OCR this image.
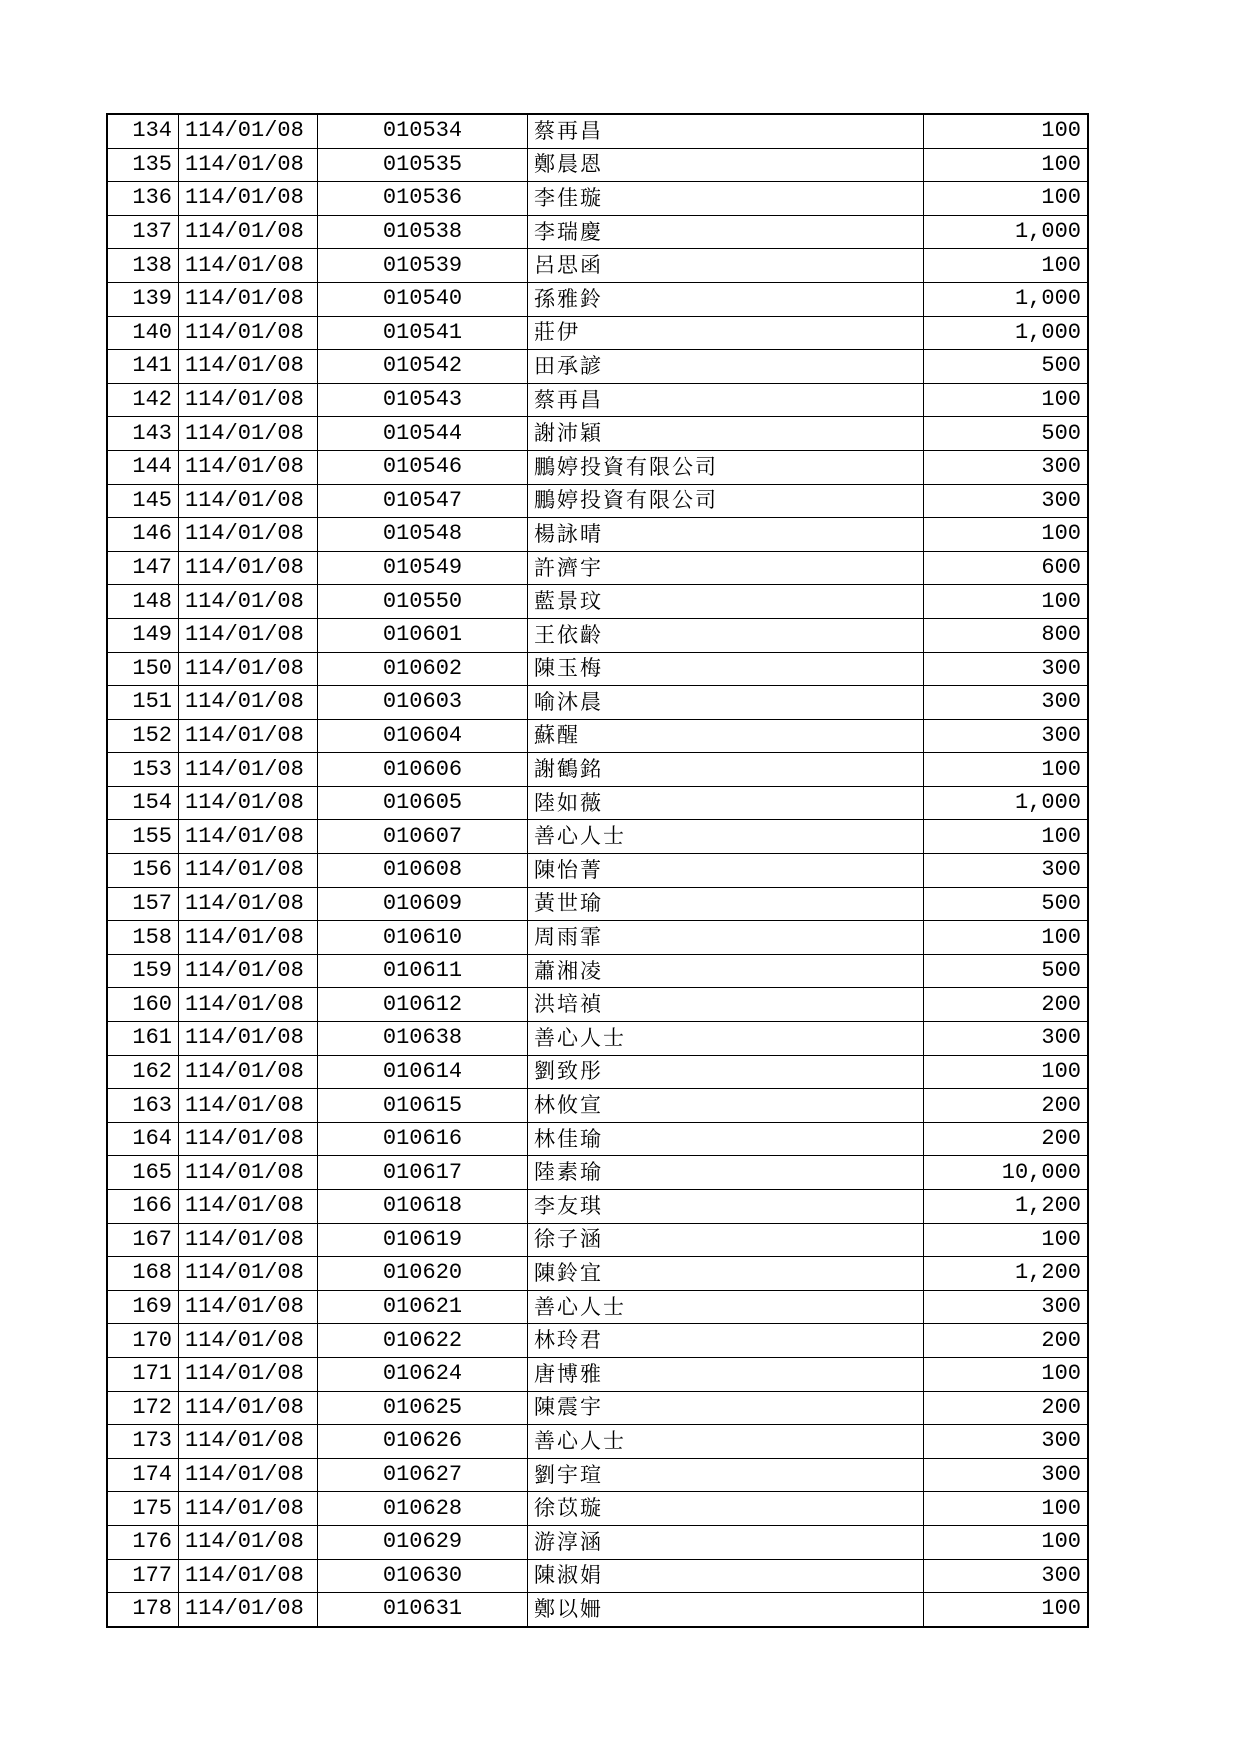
134	114/01/08	010534	蔡再昌	100
135	114/01/08	010535	鄭晨恩	100
136	114/01/08	010536	李佳璇	100
137	114/01/08	010538	李瑞慶	1,000
138	114/01/08	010539	呂思函	100
139	114/01/08	010540	孫雅鈴	1,000
140	114/01/08	010541	莊伊	1,000
141	114/01/08	010542	田承諺	500
142	114/01/08	010543	蔡再昌	100
143	114/01/08	010544	謝沛穎	500
144	114/01/08	010546	鵬婷投資有限公司	300
145	114/01/08	010547	鵬婷投資有限公司	300
146	114/01/08	010548	楊詠晴	100
147	114/01/08	010549	許濟宇	600
148	114/01/08	010550	藍景玟	100
149	114/01/08	010601	王依齡	800
150	114/01/08	010602	陳玉梅	300
151	114/01/08	010603	喻沐晨	300
152	114/01/08	010604	蘇醒	300
153	114/01/08	010606	謝鶴銘	100
154	114/01/08	010605	陸如薇	1,000
155	114/01/08	010607	善心人士	100
156	114/01/08	010608	陳怡菁	300
157	114/01/08	010609	黃世瑜	500
158	114/01/08	010610	周雨霏	100
159	114/01/08	010611	蕭湘凌	500
160	114/01/08	010612	洪培禎	200
161	114/01/08	010638	善心人士	300
162	114/01/08	010614	劉致彤	100
163	114/01/08	010615	林攸宣	200
164	114/01/08	010616	林佳瑜	200
165	114/01/08	010617	陸素瑜	10,000
166	114/01/08	010618	李友琪	1,200
167	114/01/08	010619	徐子涵	100
168	114/01/08	010620	陳鈴宜	1,200
169	114/01/08	010621	善心人士	300
170	114/01/08	010622	林玲君	200
171	114/01/08	010624	唐博雅	100
172	114/01/08	010625	陳震宇	200
173	114/01/08	010626	善心人士	300
174	114/01/08	010627	劉宇瑄	300
175	114/01/08	010628	徐苡璇	100
176	114/01/08	010629	游淳涵	100
177	114/01/08	010630	陳淑娟	300
178	114/01/08	010631	鄭以姍	100
